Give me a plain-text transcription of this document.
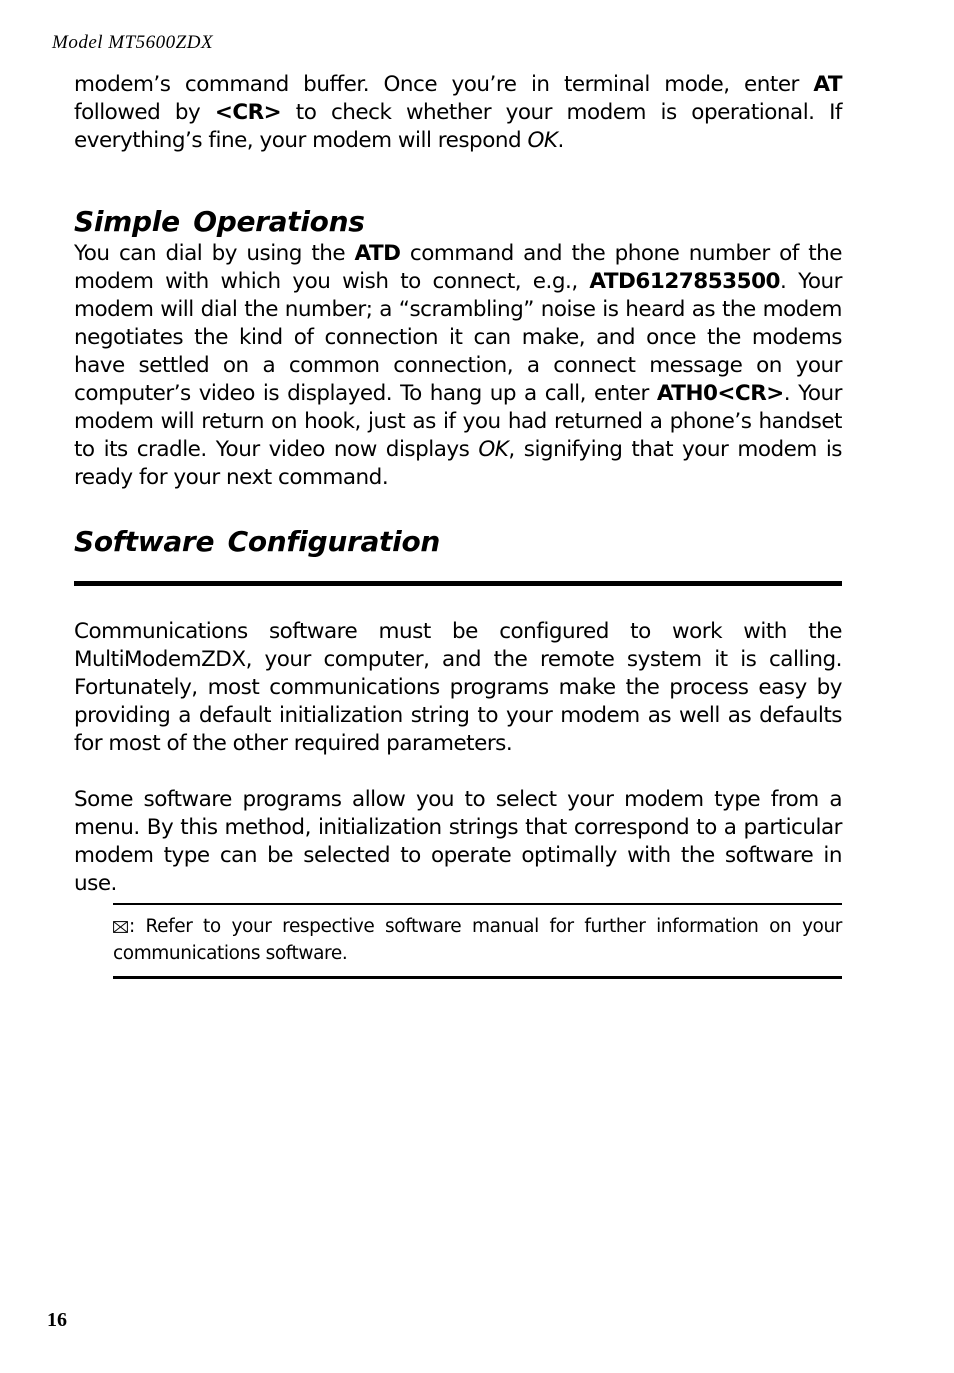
Model MT5600ZDX

modem’s command buffer. Once you’re in terminal mode, enter AT followed by <CR> to check whether your modem is operational. If everything’s fine, your modem will respond OK.

Simple Operations

You can dial by using the ATD command and the phone number of the modem with which you wish to connect, e.g., ATD6127853500. Your modem will dial the number; a “scrambling” noise is heard as the modem negotiates the kind of connection it can make, and once the modems have settled on a common connection, a connect message on your computer’s video is displayed. To hang up a call, enter ATH0<CR>. Your modem will return on hook, just as if you had returned a phone’s handset to its cradle. Your video now displays OK, signifying that your modem is ready for your next command.

Software Configuration

Communications software must be configured to work with the MultiModemZDX, your computer, and the remote system it is calling. Fortunately, most communications programs make the process easy by providing a default initialization string to your modem as well as defaults for most of the other required parameters.

Some software programs allow you to select your modem type from a menu. By this method, initialization strings that correspond to a particular modem type can be selected to operate optimally with the software in use.

: Refer to your respective software manual for further information on your communications software.

16
